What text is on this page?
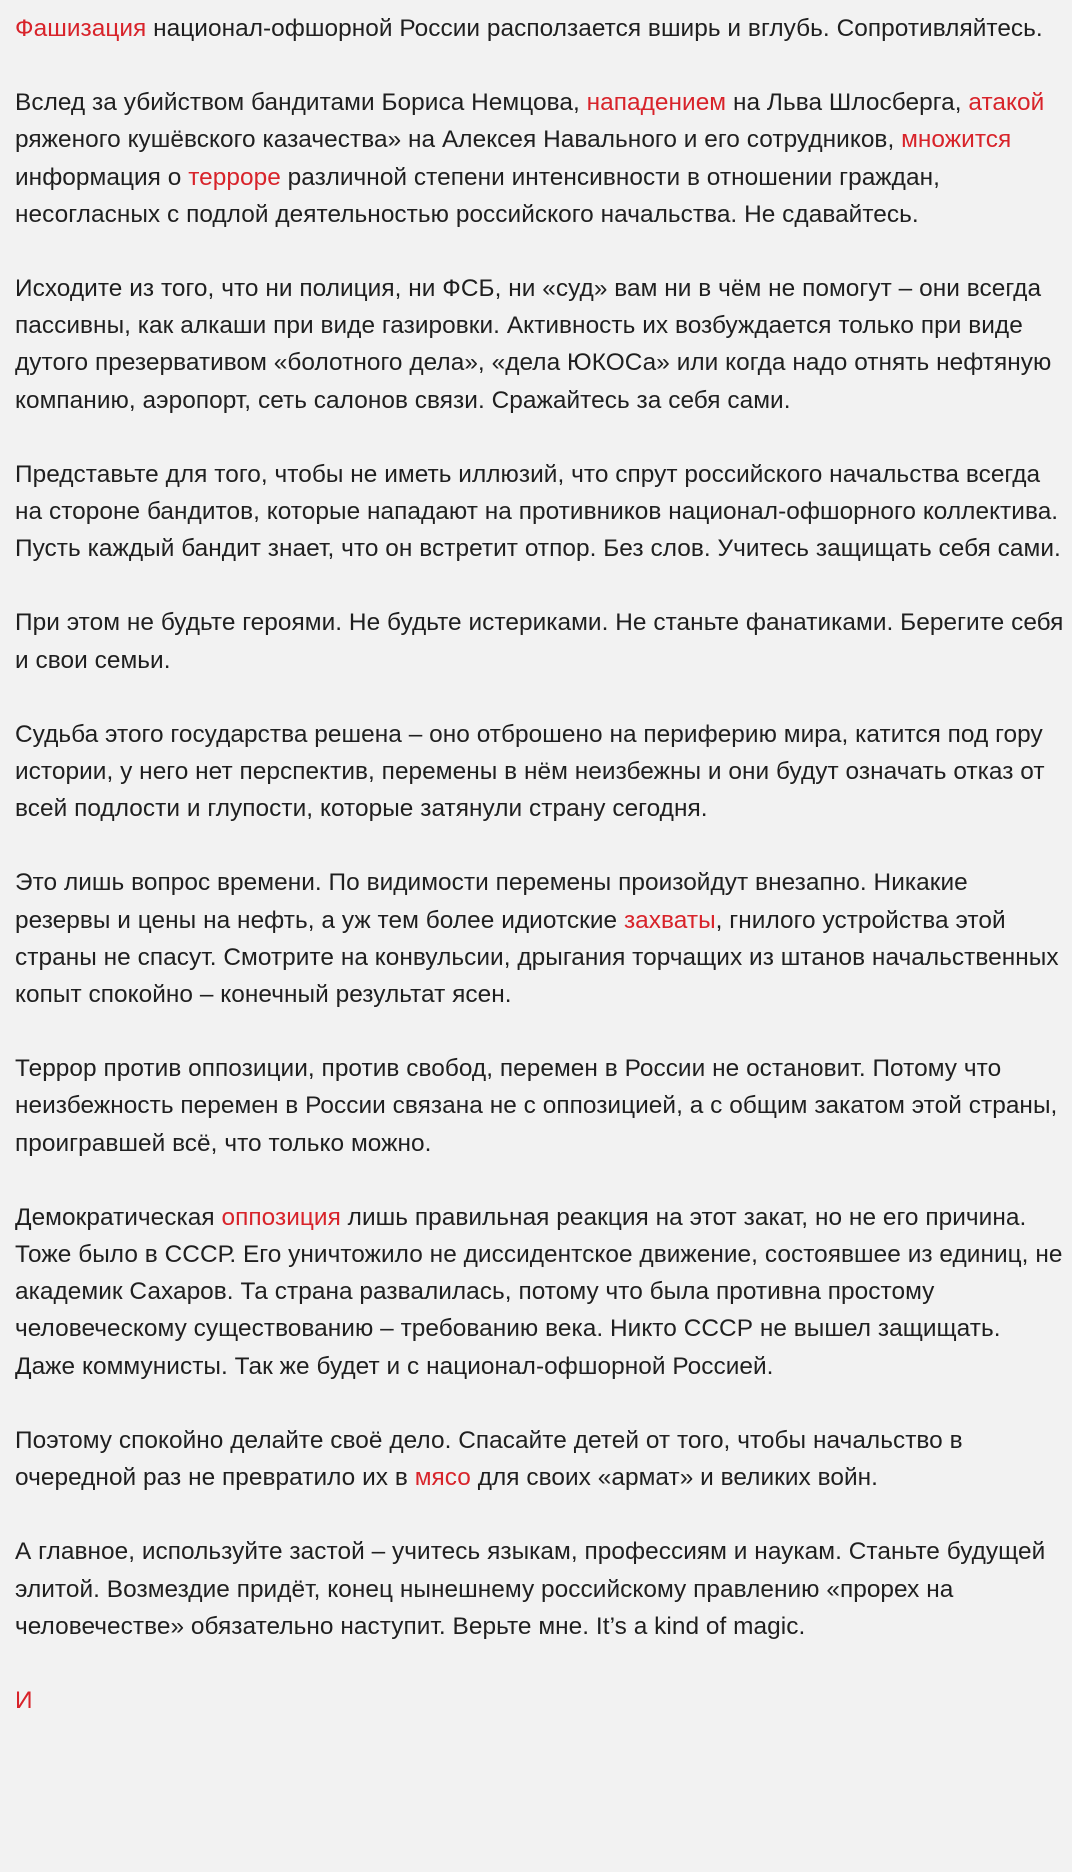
Фашизация национал‑офшорной России расползается вширь и вглубь. Сопротивляйтесь.

Вслед за убийством бандитами Бориса Немцова, нападением на Льва Шлосберга, атакой ряженого кушёвского казачества» на Алексея Навального и его сотрудников, множится информация о терроре различной степени интенсивности в отношении граждан, несогласных с подлой деятельностью российского начальства. Не сдавайтесь.

Исходите из того, что ни полиция, ни ФСБ, ни «суд» вам ни в чём не помогут – они всегда пассивны, как алкаши при виде газировки. Активность их возбуждается только при виде дутого презервативом «болотного дела», «дела ЮКОСа» или когда надо отнять нефтяную компанию, аэропорт, сеть салонов связи. Сражайтесь за себя сами.

Представьте для того, чтобы не иметь иллюзий, что спрут российского начальства всегда на стороне бандитов, которые нападают на противников национал‑офшорного коллектива. Пусть каждый бандит знает, что он встретит отпор. Без слов. Учитесь защищать себя сами.

При этом не будьте героями. Не будьте истериками. Не станьте фанатиками. Берегите себя и свои семьи.

Судьба этого государства решена – оно отброшено на периферию мира, катится под гору истории, у него нет перспектив, перемены в нём неизбежны и они будут означать отказ от всей подлости и глупости, которые затянули страну сегодня.

Это лишь вопрос времени. По видимости перемены произойдут внезапно. Никакие резервы и цены на нефть, а уж тем более идиотские захваты, гнилого устройства этой страны не спасут. Смотрите на конвульсии, дрыгания торчащих из штанов начальственных копыт спокойно – конечный результат ясен.

Террор против оппозиции, против свобод, перемен в России не остановит. Потому что неизбежность перемен в России связана не с оппозицией, а с общим закатом этой страны, проигравшей всё, что только можно.

Демократическая оппозиция лишь правильная реакция на этот закат, но не его причина. Тоже было в СССР. Его уничтожило не диссидентское движение, состоявшее из единиц, не академик Сахаров. Та страна развалилась, потому что была противна простому человеческому существованию – требованию века. Никто СССР не вышел защищать. Даже коммунисты. Так же будет и с национал‑офшорной Россией.

Поэтому спокойно делайте своё дело. Спасайте детей от того, чтобы начальство в очередной раз не превратило их в мясо для своих «армат» и великих войн.

А главное, используйте застой – учитесь языкам, профессиям и наукам. Станьте будущей элитой. Возмездие придёт, конец нынешнему российскому правлению «прорех на человечестве» обязательно наступит. Верьте мне. It’s a kind of magic.

И
